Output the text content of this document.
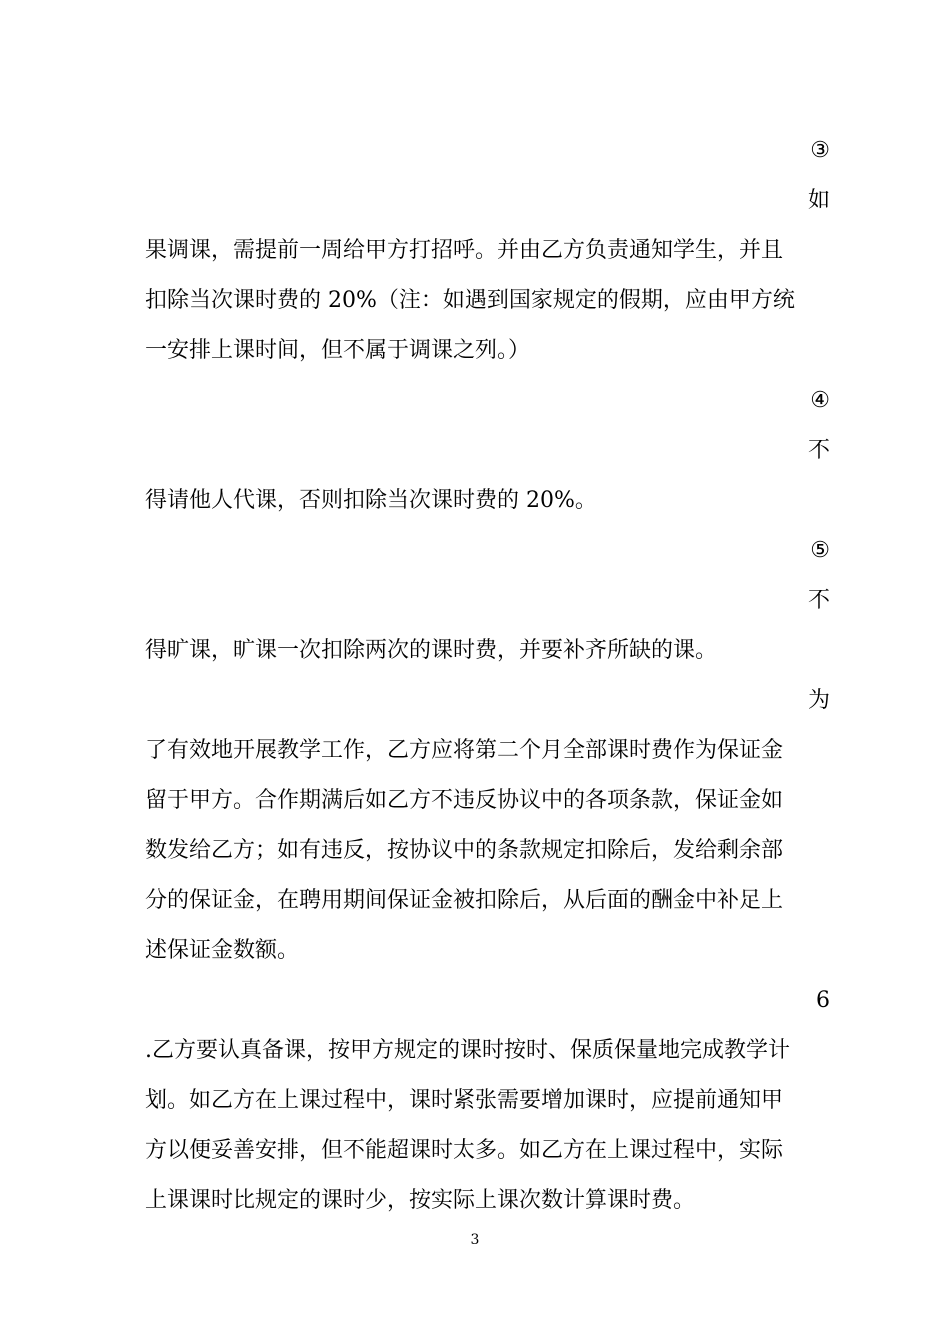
③
如
果调课，需提前一周给甲方打招呼。并由乙方负责通知学生，并且
扣除当次课时费的 20%（注：如遇到国家规定的假期，应由甲方统
一安排上课时间，但不属于调课之列。）
④
不
得请他人代课，否则扣除当次课时费的 20%。
⑤
不
得旷课，旷课一次扣除两次的课时费，并要补齐所缺的课。
为
了有效地开展教学工作，乙方应将第二个月全部课时费作为保证金
留于甲方。合作期满后如乙方不违反协议中的各项条款，保证金如
数发给乙方；如有违反，按协议中的条款规定扣除后，发给剩余部
分的保证金，在聘用期间保证金被扣除后，从后面的酬金中补足上
述保证金数额。
6
.乙方要认真备课，按甲方规定的课时按时、保质保量地完成教学计
划。如乙方在上课过程中，课时紧张需要增加课时，应提前通知甲
方以便妥善安排，但不能超课时太多。如乙方在上课过程中，实际
上课课时比规定的课时少，按实际上课次数计算课时费。
3
